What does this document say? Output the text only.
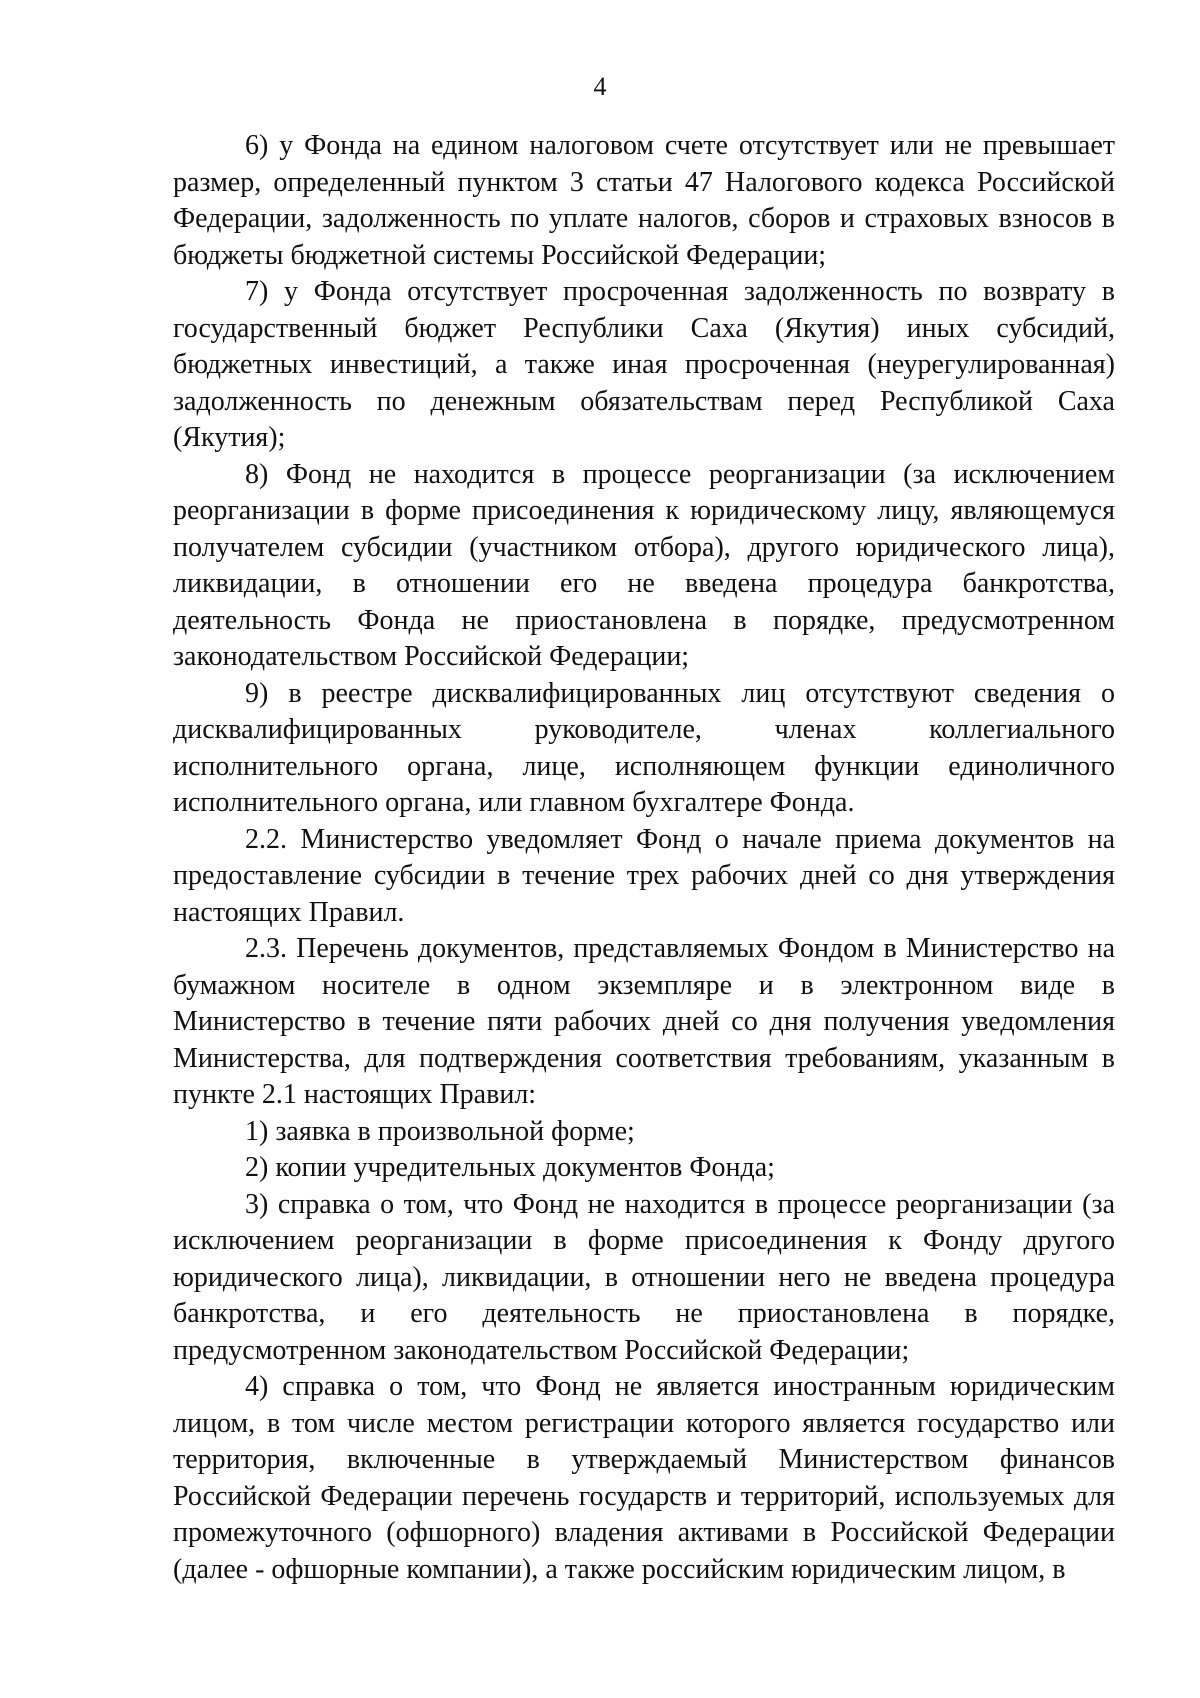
4

6) у Фонда на едином налоговом счете отсутствует или не превышает размер, определенный пунктом 3 статьи 47 Налогового кодекса Российской Федерации, задолженность по уплате налогов, сборов и страховых взносов в бюджеты бюджетной системы Российской Федерации;

7) у Фонда отсутствует просроченная задолженность по возврату в государственный бюджет Республики Саха (Якутия) иных субсидий, бюджетных инвестиций, а также иная просроченная (неурегулированная) задолженность по денежным обязательствам перед Республикой Саха (Якутия);

8) Фонд не находится в процессе реорганизации (за исключением реорганизации в форме присоединения к юридическому лицу, являющемуся получателем субсидии (участником отбора), другого юридического лица), ликвидации, в отношении его не введена процедура банкротства, деятельность Фонда не приостановлена в порядке, предусмотренном законодательством Российской Федерации;

9) в реестре дисквалифицированных лиц отсутствуют сведения о дисквалифицированных руководителе, членах коллегиального исполнительного органа, лице, исполняющем функции единоличного исполнительного органа, или главном бухгалтере Фонда.

2.2. Министерство уведомляет Фонд о начале приема документов на предоставление субсидии в течение трех рабочих дней со дня утверждения настоящих Правил.

2.3. Перечень документов, представляемых Фондом в Министерство на бумажном носителе в одном экземпляре и в электронном виде в Министерство в течение пяти рабочих дней со дня получения уведомления Министерства, для подтверждения соответствия требованиям, указанным в пункте 2.1 настоящих Правил:

1) заявка в произвольной форме;

2) копии учредительных документов Фонда;

3) справка о том, что Фонд не находится в процессе реорганизации (за исключением реорганизации в форме присоединения к Фонду другого юридического лица), ликвидации, в отношении него не введена процедура банкротства, и его деятельность не приостановлена в порядке, предусмотренном законодательством Российской Федерации;

4) справка о том, что Фонд не является иностранным юридическим лицом, в том числе местом регистрации которого является государство или территория, включенные в утверждаемый Министерством финансов Российской Федерации перечень государств и территорий, используемых для промежуточного (офшорного) владения активами в Российской Федерации (далее - офшорные компании), а также российским юридическим лицом, в
